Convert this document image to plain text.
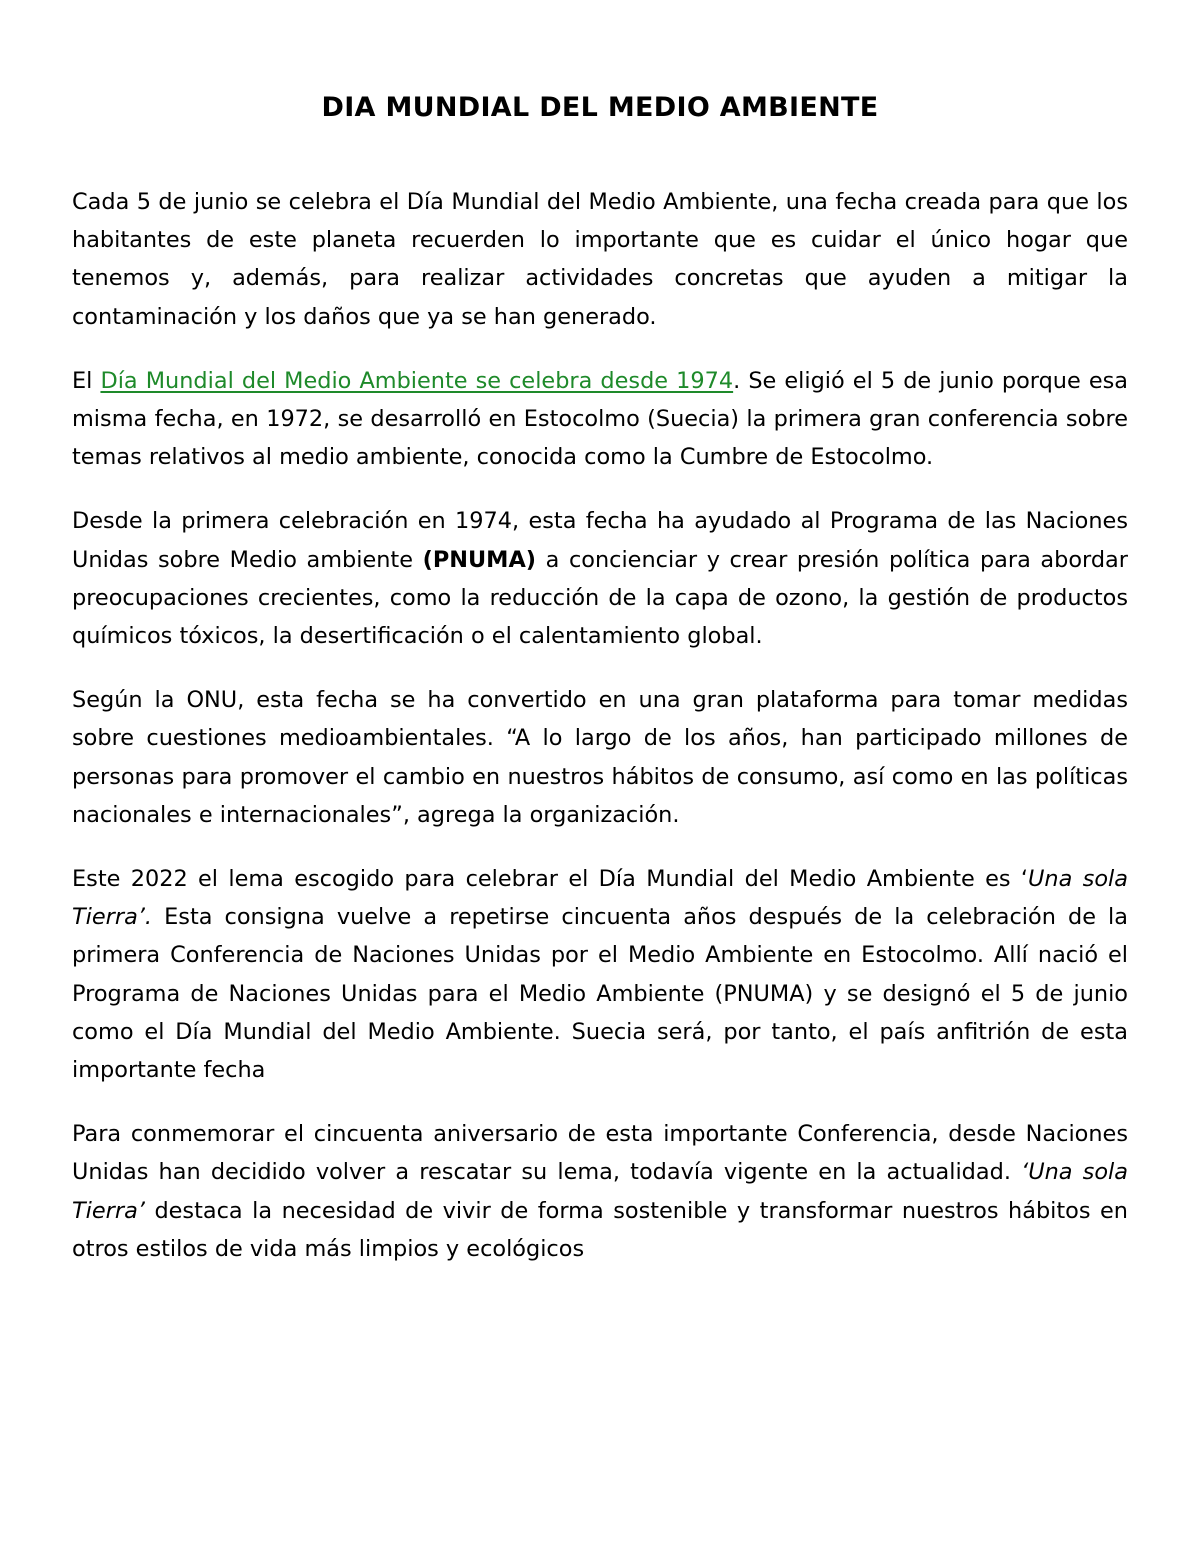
DIA MUNDIAL DEL MEDIO AMBIENTE

Cada 5 de junio se celebra el Día Mundial del Medio Ambiente, una fecha creada para que los habitantes de este planeta recuerden lo importante que es cuidar el único hogar que tenemos y, además, para realizar actividades concretas que ayuden a mitigar la contaminación y los daños que ya se han generado.

El Día Mundial del Medio Ambiente se celebra desde 1974. Se eligió el 5 de junio porque esa misma fecha, en 1972, se desarrolló en Estocolmo (Suecia) la primera gran conferencia sobre temas relativos al medio ambiente, conocida como la Cumbre de Estocolmo.

Desde la primera celebración en 1974, esta fecha ha ayudado al Programa de las Naciones Unidas sobre Medio ambiente (PNUMA) a concienciar y crear presión política para abordar preocupaciones crecientes, como la reducción de la capa de ozono, la gestión de productos químicos tóxicos, la desertificación o el calentamiento global.

Según la ONU, esta fecha se ha convertido en una gran plataforma para tomar medidas sobre cuestiones medioambientales. “A lo largo de los años, han participado millones de personas para promover el cambio en nuestros hábitos de consumo, así como en las políticas nacionales e internacionales”, agrega la organización.

Este 2022 el lema escogido para celebrar el Día Mundial del Medio Ambiente es ‘Una sola Tierra’. Esta consigna vuelve a repetirse cincuenta años después de la celebración de la primera Conferencia de Naciones Unidas por el Medio Ambiente en Estocolmo. Allí nació el Programa de Naciones Unidas para el Medio Ambiente (PNUMA) y se designó el 5 de junio como el Día Mundial del Medio Ambiente. Suecia será, por tanto, el país anfitrión de esta importante fecha

Para conmemorar el cincuenta aniversario de esta importante Conferencia, desde Naciones Unidas han decidido volver a rescatar su lema, todavía vigente en la actualidad. ‘Una sola Tierra’ destaca la necesidad de vivir de forma sostenible y transformar nuestros hábitos en otros estilos de vida más limpios y ecológicos
